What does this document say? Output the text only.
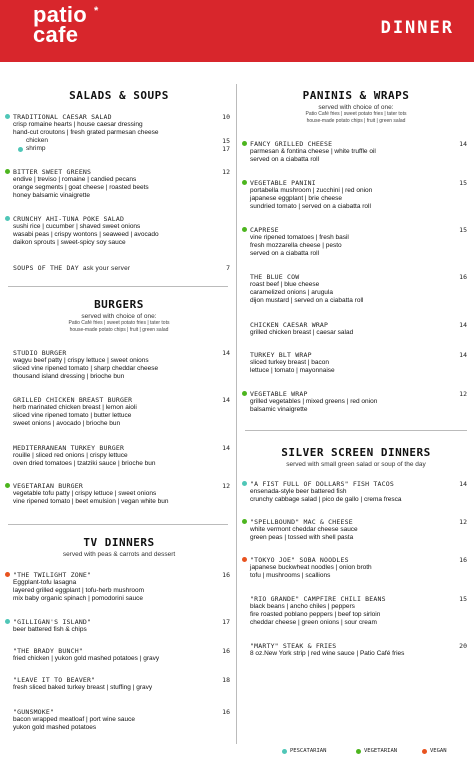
patio
cafe
*
DINNER
SALADS & SOUPS
TRADITIONAL CAESAR SALAD	10
crisp romaine hearts | house caesar dressing
hand-cut croutons | fresh grated parmesan cheese
chicken	15
shrimp	17
BITTER SWEET GREENS	12
endive | treviso | romaine | candied pecans
orange segments | goat cheese | roasted beets
honey balsamic vinaigrette
CRUNCHY AHI-TUNA POKE SALAD
sushi rice | cucumber | shaved sweet onions
wasabi peas | crispy wontons | seaweed | avocado
daikon sprouts | sweet-spicy soy sauce
SOUPS OF THE DAY ask your server	7
BURGERS
served with choice of one:
Patio Café fries | sweet potato fries | tater tots
house-made potato chips | fruit | green salad
STUDIO BURGER	14
wagyu beef patty | crispy lettuce | sweet onions
sliced vine ripened tomato | sharp cheddar cheese
thousand island dressing | brioche bun
GRILLED CHICKEN BREAST BURGER	14
herb marinated chicken breast | lemon aioli
sliced vine ripened tomato | butter lettuce
sweet onions | avocado | brioche bun
MEDITERRANEAN TURKEY BURGER	14
rouille | sliced red onions | crispy lettuce
oven dried tomatoes | tzatziki sauce | brioche bun
VEGETARIAN BURGER	12
vegetable tofu patty | crispy lettuce | sweet onions
vine ripened tomato | beet emulsion | vegan white bun
TV DINNERS
served with peas & carrots and dessert
"THE TWILIGHT ZONE"	16
Eggplant-tofu lasagna
layered grilled eggplant | tofu-herb mushroom
mix baby organic spinach | pomodorini sauce
"GILLIGAN'S ISLAND"	17
beer battered fish & chips
"THE BRADY BUNCH"	16
fried chicken | yukon gold mashed potatoes | gravy
"LEAVE IT TO BEAVER"	18
fresh sliced baked turkey breast | stuffing | gravy
"GUNSMOKE"	16
bacon wrapped meatloaf | port wine sauce
yukon gold mashed potatoes
PANINIS & WRAPS
served with choice of one:
Patio Café fries | sweet potato fries | tater tots
house-made potato chips | fruit | green salad
FANCY GRILLED CHEESE	14
parmesan & fontina cheese | white truffle oil
served on a ciabatta roll
VEGETABLE PANINI	15
portabella mushroom | zucchini | red onion
japanese eggplant | brie cheese
sundried tomato | served on a ciabatta roll
CAPRESE	15
vine ripened tomatoes | fresh basil
fresh mozzarella cheese | pesto
served on a ciabatta roll
THE BLUE COW	16
roast beef | blue cheese
caramelized onions | arugula
dijon mustard | served on a ciabatta roll
CHICKEN CAESAR WRAP	14
grilled chicken breast | caesar salad
TURKEY BLT WRAP	14
sliced turkey breast | bacon
lettuce | tomato | mayonnaise
VEGETABLE WRAP	12
grilled vegetables | mixed greens | red onion
balsamic vinaigrette
SILVER SCREEN DINNERS
served with small green salad or soup of the day
"A FIST FULL OF DOLLARS" FISH TACOS	14
ensenada-style beer battered fish
crunchy cabbage salad | pico de gallo | crema fresca
"SPELLBOUND" MAC & CHEESE	12
white vermont cheddar cheese sauce
green peas | tossed with shell pasta
"TOKYO JOE" SOBA NOODLES	16
japanese buckwheat noodles | onion broth
tofu | mushrooms | scallions
"RIO GRANDE" CAMPFIRE CHILI BEANS	15
black beans | ancho chiles | peppers
fire roasted poblano peppers | beef top sirloin
cheddar cheese | green onions | sour cream
"MARTY" STEAK & FRIES	20
8 oz.New York strip | red wine sauce | Patio Café fries
PESCATARIAN	VEGETARIAN	VEGAN
